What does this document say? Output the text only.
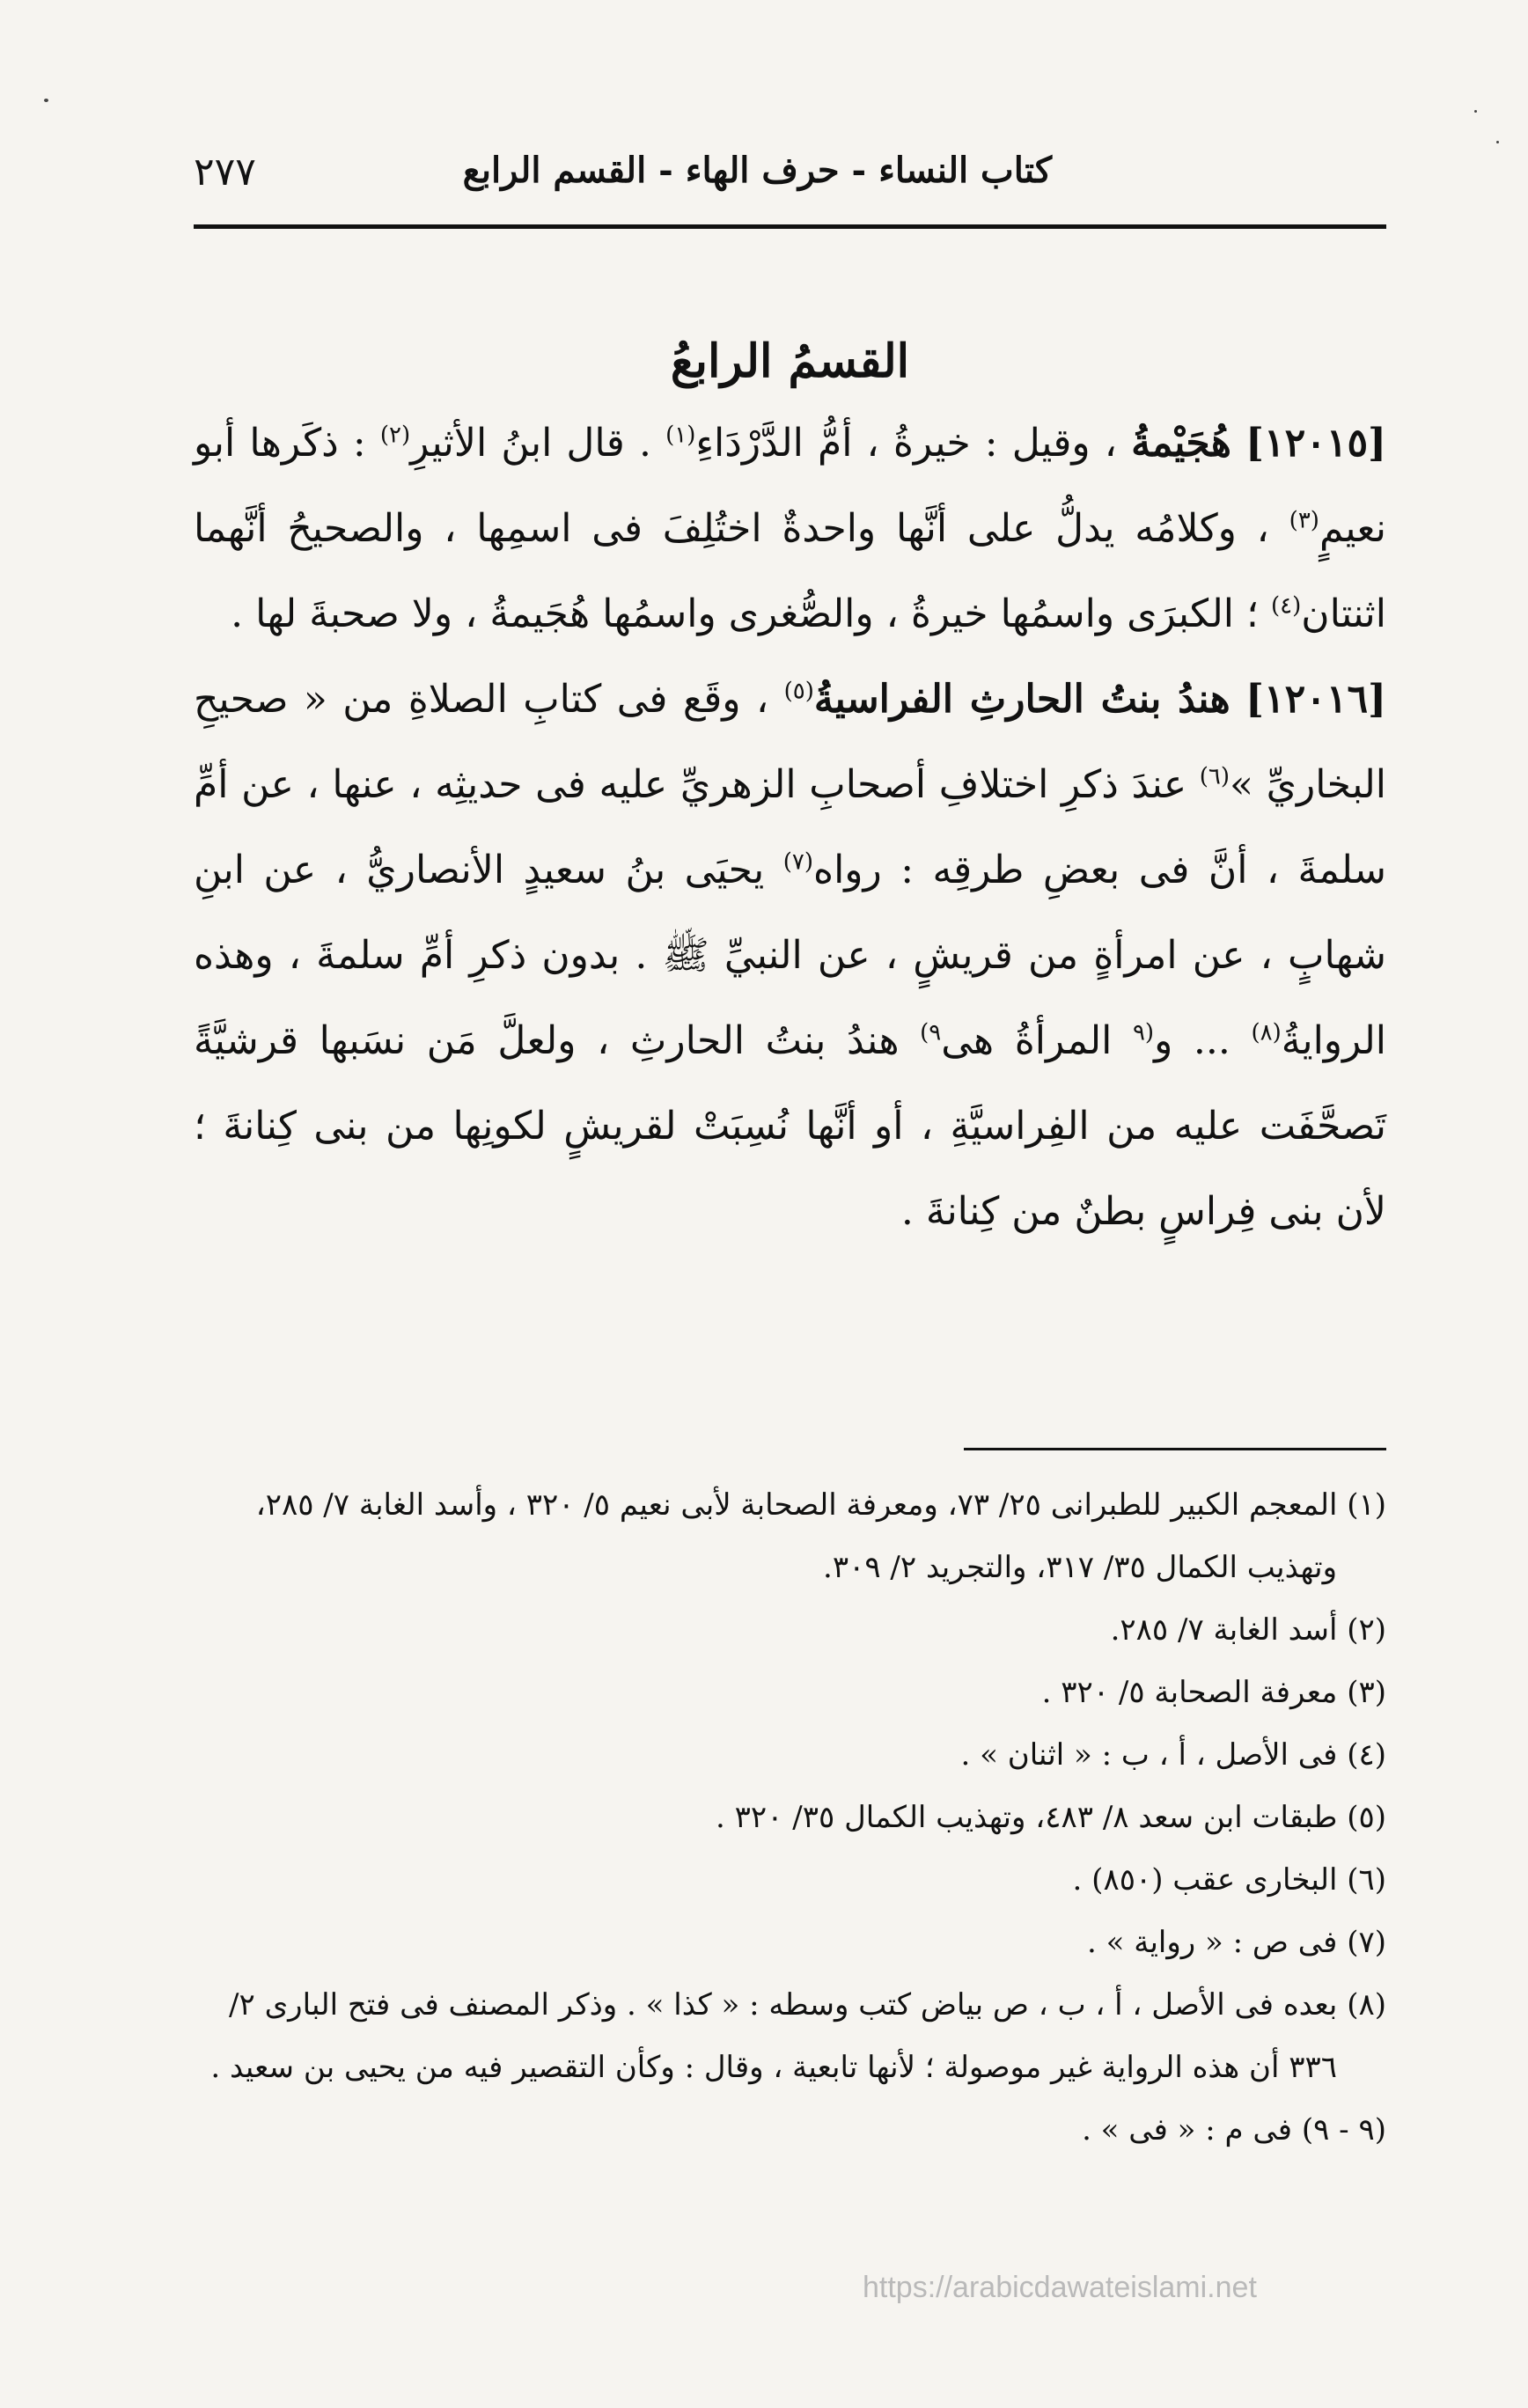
كتاب النساء - حرف الهاء - القسم الرابع
٢٧٧
القسمُ الرابعُ

[١٢٠١٥] هُجَيْمةُ ، وقيل : خيرةُ ، أمُّ الدَّرْدَاءِ$^{(١)}$ . قال ابنُ الأثيرِ$^{(٢)}$ : ذكَرها أبو نعيمٍ$^{(٣)}$ ، وكلامُه يدلُّ على أنَّها واحدةٌ اختُلِفَ فى اسمِها ، والصحيحُ أنَّهما اثنتان$^{(٤)}$ ؛ الكبرَى واسمُها خيرةُ ، والصُّغرى واسمُها هُجَيمةُ ، ولا صحبةَ لها .

[١٢٠١٦] هندُ بنتُ الحارثِ الفراسيةُ$^{(٥)}$ ، وقَع فى كتابِ الصلاةِ من « صحيحِ البخاريِّ »$^{(٦)}$ عندَ ذكرِ اختلافِ أصحابِ الزهريِّ عليه فى حديثِه ، عنها ، عن أمِّ سلمةَ ، أنَّ فى بعضِ طرقِه : رواه$^{(٧)}$ يحيَى بنُ سعيدٍ الأنصاريُّ ، عن ابنِ شهابٍ ، عن امرأةٍ من قريشٍ ، عن النبيِّ ﷺ . بدون ذكرِ أمِّ سلمةَ ، وهذه الروايةُ$^{(٨)}$ ... و$^{(٩}$ المرأةُ هى$^{٩)}$ هندُ بنتُ الحارثِ ، ولعلَّ مَن نسَبها قرشيَّةً تَصحَّفَت عليه من الفِراسيَّةِ ، أو أنَّها نُسِبَتْ لقريشٍ لكونِها من بنى كِنانةَ ؛ لأن بنى فِراسٍ بطنٌ من كِنانةَ .

(١) المعجم الكبير للطبرانى ٢٥/ ٧٣، ومعرفة الصحابة لأبى نعيم ٥/ ٣٢٠ ، وأسد الغابة ٧/ ٢٨٥،
وتهذيب الكمال ٣٥/ ٣١٧، والتجريد ٢/ ٣٠٩.

(٢) أسد الغابة ٧/ ٢٨٥.

(٣) معرفة الصحابة ٥/ ٣٢٠ .

(٤) فى الأصل ، أ ، ب : « اثنان » .

(٥) طبقات ابن سعد ٨/ ٤٨٣، وتهذيب الكمال ٣٥/ ٣٢٠ .

(٦) البخارى عقب (٨٥٠) .

(٧) فى ص : « رواية » .

(٨) بعده فى الأصل ، أ ، ب ، ص بياض كتب وسطه : « كذا » . وذكر المصنف فى فتح البارى ٢/
٣٣٦ أن هذه الرواية غير موصولة ؛ لأنها تابعية ، وقال : وكأن التقصير فيه من يحيى بن سعيد .

(٩ - ٩) فى م : « فى » .

https://arabicdawateislami.net
